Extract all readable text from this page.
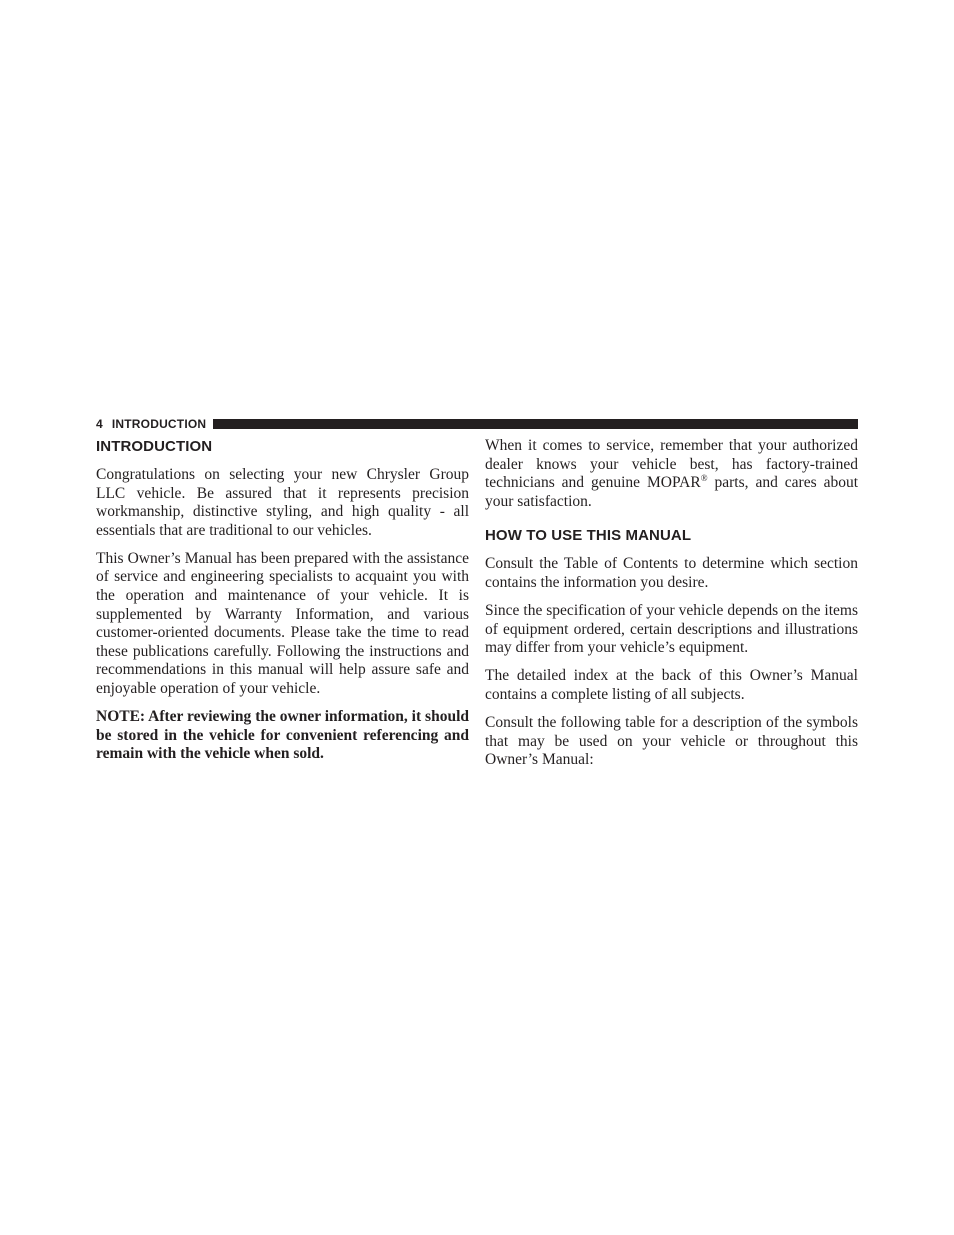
4 INTRODUCTION
INTRODUCTION

Congratulations on selecting your new Chrysler Group LLC vehicle. Be assured that it represents precision workmanship, distinctive styling, and high quality - all essentials that are traditional to our vehicles.

This Owner’s Manual has been prepared with the assistance of service and engineering specialists to acquaint you with the operation and maintenance of your vehicle. It is supplemented by Warranty Information, and various customer-oriented documents. Please take the time to read these publications carefully. Following the instructions and recommendations in this manual will help assure safe and enjoyable operation of your vehicle.

NOTE: After reviewing the owner information, it should be stored in the vehicle for convenient referencing and remain with the vehicle when sold.

When it comes to service, remember that your authorized dealer knows your vehicle best, has factory-trained technicians and genuine MOPAR® parts, and cares about your satisfaction.

HOW TO USE THIS MANUAL

Consult the Table of Contents to determine which section contains the information you desire.

Since the specification of your vehicle depends on the items of equipment ordered, certain descriptions and illustrations may differ from your vehicle’s equipment.

The detailed index at the back of this Owner’s Manual contains a complete listing of all subjects.

Consult the following table for a description of the symbols that may be used on your vehicle or throughout this Owner’s Manual:
